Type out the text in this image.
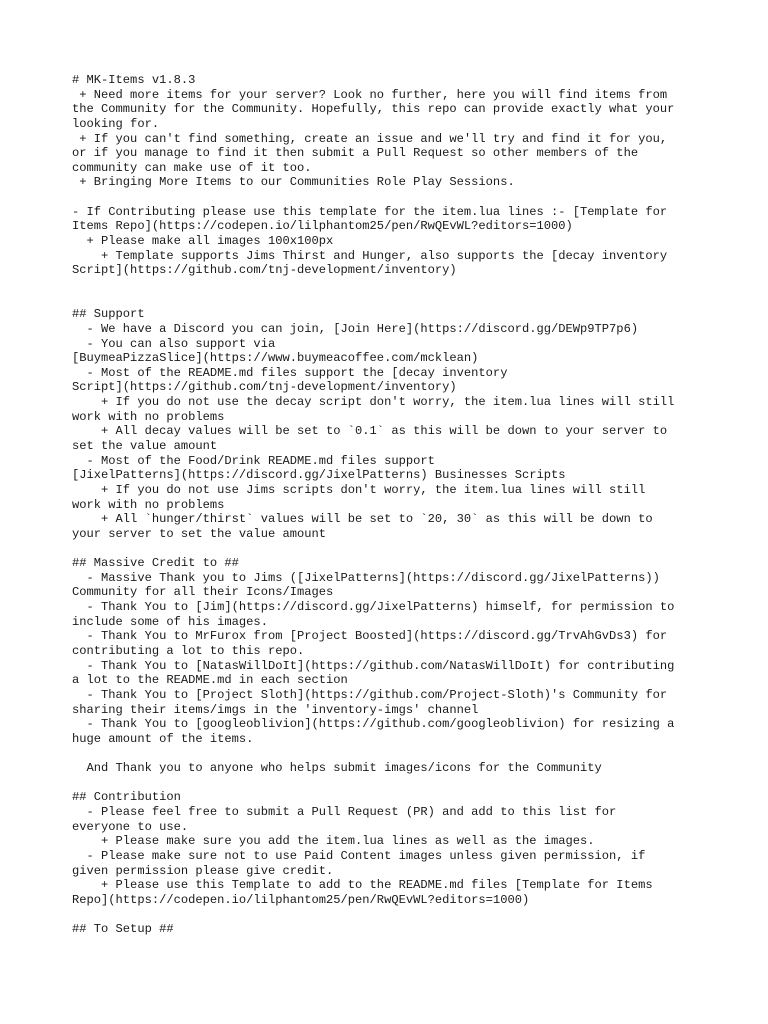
# MK-Items v1.8.3
+ Need more items for your server? Look no further, here you will find items from
the Community for the Community. Hopefully, this repo can provide exactly what your
looking for.
+ If you can't find something, create an issue and we'll try and find it for you,
or if you manage to find it then submit a Pull Request so other members of the
community can make use of it too.
+ Bringing More Items to our Communities Role Play Sessions.
- If Contributing please use this template for the item.lua lines :- [Template for
Items Repo](https://codepen.io/lilphantom25/pen/RwQEvWL?editors=1000)
+ Please make all images 100x100px
+ Template supports Jims Thirst and Hunger, also supports the [decay inventory
Script](https://github.com/tnj-development/inventory)
## Support
- We have a Discord you can join, [Join Here](https://discord.gg/DEWp9TP7p6)
- You can also support via
[BuymeaPizzaSlice](https://www.buymeacoffee.com/mcklean)
- Most of the README.md files support the [decay inventory
Script](https://github.com/tnj-development/inventory)
+ If you do not use the decay script don't worry, the item.lua lines will still
work with no problems
+ All decay values will be set to `0.1` as this will be down to your server to
set the value amount
- Most of the Food/Drink README.md files support
[JixelPatterns](https://discord.gg/JixelPatterns) Businesses Scripts
+ If you do not use Jims scripts don't worry, the item.lua lines will still
work with no problems
+ All `hunger/thirst` values will be set to `20, 30` as this will be down to
your server to set the value amount
## Massive Credit to ##
- Massive Thank you to Jims ([JixelPatterns](https://discord.gg/JixelPatterns))
Community for all their Icons/Images
- Thank You to [Jim](https://discord.gg/JixelPatterns) himself, for permission to
include some of his images.
- Thank You to MrFurox from [Project Boosted](https://discord.gg/TrvAhGvDs3) for
contributing a lot to this repo.
- Thank You to [NatasWillDoIt](https://github.com/NatasWillDoIt) for contributing
a lot to the README.md in each section
- Thank You to [Project Sloth](https://github.com/Project-Sloth)'s Community for
sharing their items/imgs in the 'inventory-imgs' channel
- Thank You to [googleoblivion](https://github.com/googleoblivion) for resizing a
huge amount of the items.
And Thank you to anyone who helps submit images/icons for the Community
## Contribution
- Please feel free to submit a Pull Request (PR) and add to this list for
everyone to use.
+ Please make sure you add the item.lua lines as well as the images.
- Please make sure not to use Paid Content images unless given permission, if
given permission please give credit.
+ Please use this Template to add to the README.md files [Template for Items
Repo](https://codepen.io/lilphantom25/pen/RwQEvWL?editors=1000)
## To Setup ##
